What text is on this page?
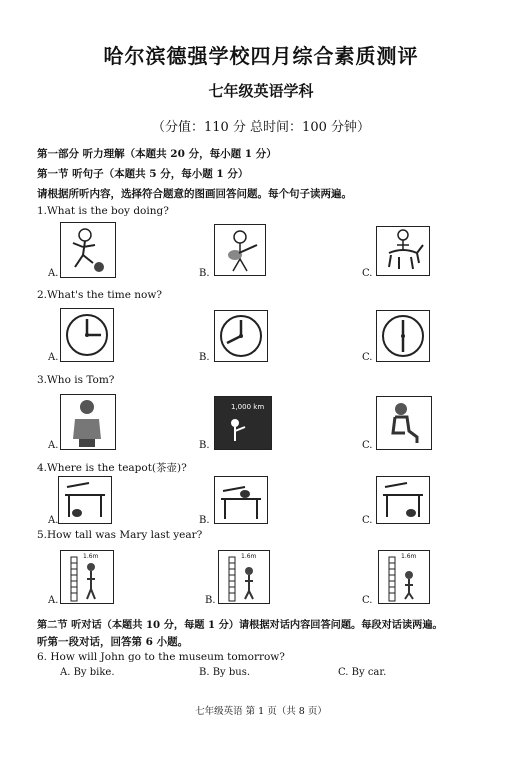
哈尔滨德强学校四月综合素质测评
七年级英语学科
（分值：110 分 总时间：100 分钟）
第一部分 听力理解（本题共 20 分，每小题 1 分）
第一节 听句子（本题共 5 分，每小题 1 分）
请根据所听内容，选择符合题意的图画回答问题。每个句子读两遍。
1.What is the boy doing?
A.	B.	C.
2.What's the time now?
A.	B.	C.
3.Who is Tom?
A.	B.	C.
1,000 km
4.Where is the teapot(茶壶)?
A.	B.	C.
5.How tall was Mary last year?
A.	B.	C.
1.6m	1.6m	1.6m
第二节 听对话（本题共 10 分，每题 1 分）请根据对话内容回答问题。每段对话读两遍。
听第一段对话，回答第 6 小题。
6. How will John go to the museum tomorrow?
A. By bike.	B. By bus.	C. By car.
七年级英语 第 1 页（共 8 页）
